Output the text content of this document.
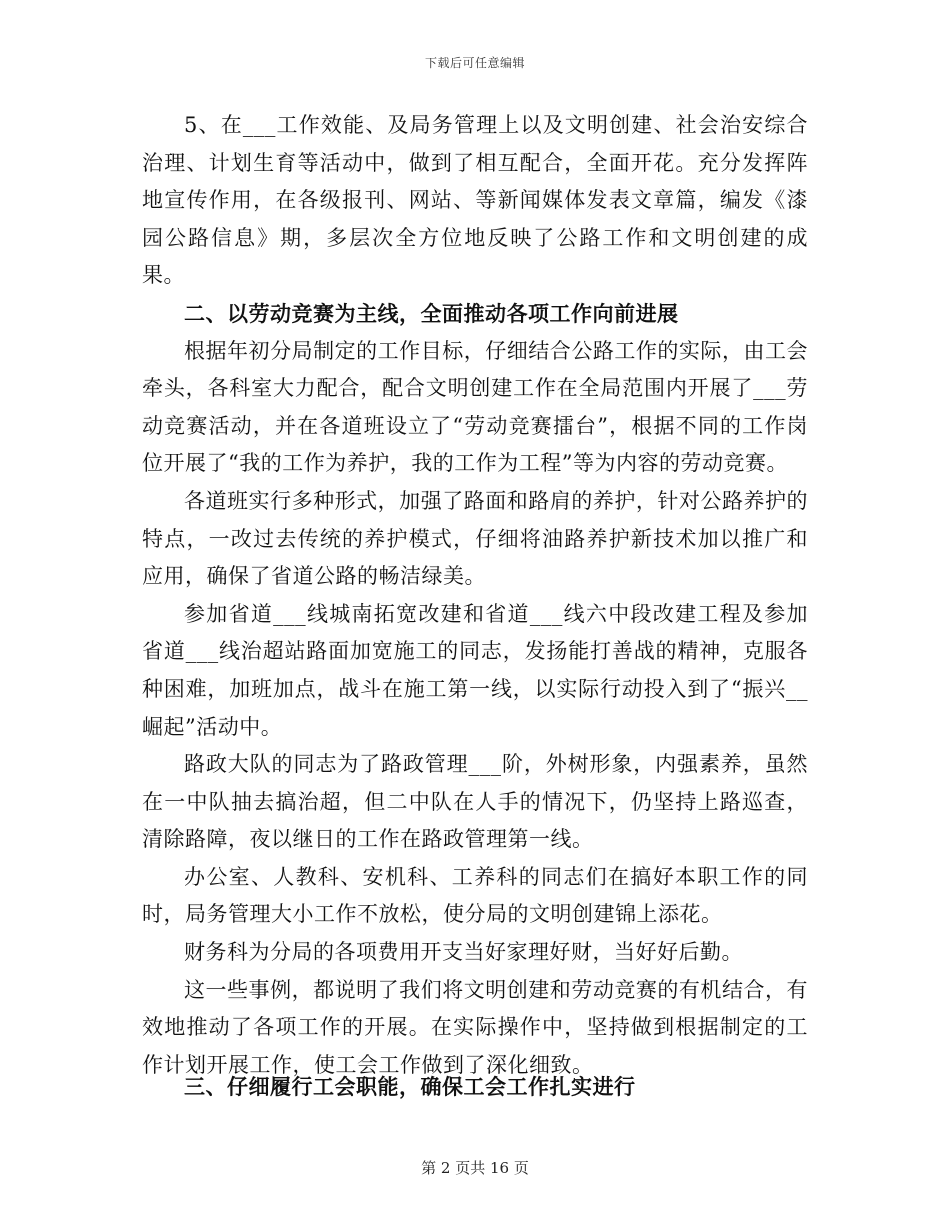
下载后可任意编辑

5、在___工作效能、及局务管理上以及文明创建、社会治安综合治理、计划生育等活动中，做到了相互配合，全面开花。充分发挥阵地宣传作用，在各级报刊、网站、等新闻媒体发表文章篇，编发《漆园公路信息》期，多层次全方位地反映了公路工作和文明创建的成果。

二、以劳动竞赛为主线，全面推动各项工作向前进展

根据年初分局制定的工作目标，仔细结合公路工作的实际，由工会牵头，各科室大力配合，配合文明创建工作在全局范围内开展了___劳动竞赛活动，并在各道班设立了“劳动竞赛擂台”，根据不同的工作岗位开展了“我的工作为养护，我的工作为工程”等为内容的劳动竞赛。

各道班实行多种形式，加强了路面和路肩的养护，针对公路养护的特点，一改过去传统的养护模式，仔细将油路养护新技术加以推广和应用，确保了省道公路的畅洁绿美。

参加省道___线城南拓宽改建和省道___线六中段改建工程及参加省道___线治超站路面加宽施工的同志，发扬能打善战的精神，克服各种困难，加班加点，战斗在施工第一线，以实际行动投入到了“振兴__崛起”活动中。

路政大队的同志为了路政管理___阶，外树形象，内强素养，虽然在一中队抽去搞治超，但二中队在人手的情况下，仍坚持上路巡查，清除路障，夜以继日的工作在路政管理第一线。

办公室、人教科、安机科、工养科的同志们在搞好本职工作的同时，局务管理大小工作不放松，使分局的文明创建锦上添花。

财务科为分局的各项费用开支当好家理好财，当好好后勤。

这一些事例，都说明了我们将文明创建和劳动竞赛的有机结合，有效地推动了各项工作的开展。在实际操作中，坚持做到根据制定的工作计划开展工作，使工会工作做到了深化细致。

三、仔细履行工会职能，确保工会工作扎实进行

第 2 页共 16 页
